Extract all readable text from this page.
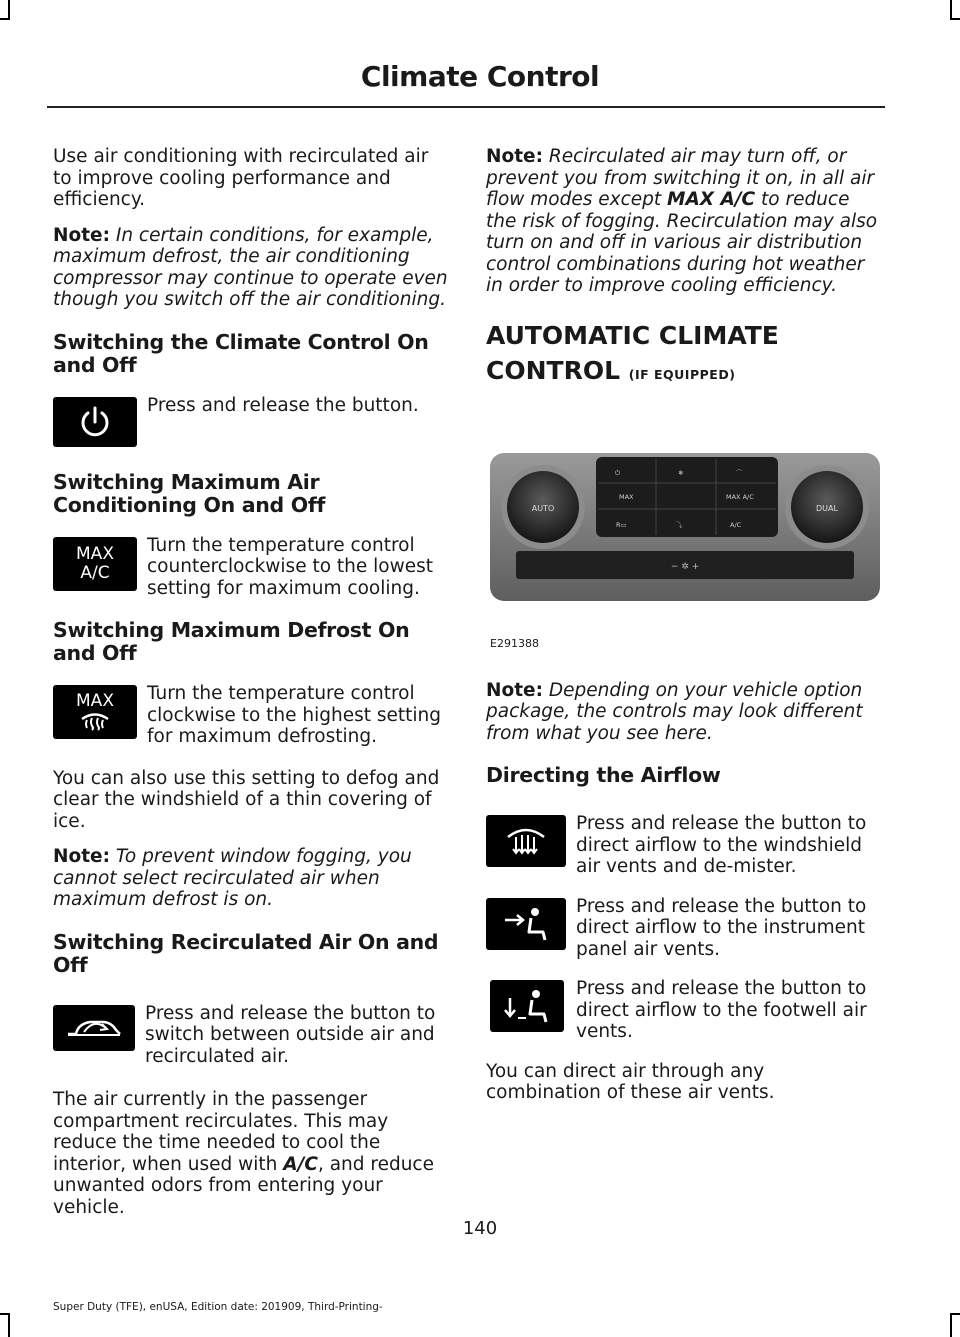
Climate Control

Use air conditioning with recirculated air to improve cooling performance and efficiency.

Note: In certain conditions, for example, maximum defrost, the air conditioning compressor may continue to operate even though you switch off the air conditioning.

Switching the Climate Control On and Off
Press and release the button.
Switching Maximum Air Conditioning On and Off
MAX
A/C
Turn the temperature control counterclockwise to the lowest setting for maximum cooling.
Switching Maximum Defrost On and Off
MAX Turn the temperature control clockwise to the highest setting for maximum defrosting.

You can also use this setting to defog and clear the windshield of a thin covering of ice.

Note: To prevent window fogging, you cannot select recirculated air when maximum defrost is on.

Switching Recirculated Air On and Off
Press and release the button to switch between outside air and recirculated air.

The air currently in the passenger compartment recirculates. This may reduce the time needed to cool the interior, when used with A/C, and reduce unwanted odors from entering your vehicle.

Note: Recirculated air may turn off, or prevent you from switching it on, in all air flow modes except MAX A/C to reduce the risk of fogging. Recirculation may also turn on and off in various air distribution control combinations during hot weather in order to improve cooling efficiency.

AUTOMATIC CLIMATE
CONTROL (IF EQUIPPED)
⏻	❄	⌒
MAX	MAX A/C
A/C
R▭	⤵
AUTO	DUAL
− ✲ +
E291388

Note: Depending on your vehicle option package, the controls may look different from what you see here.

Directing the Airflow
Press and release the button to direct airflow to the windshield air vents and de-mister.
Press and release the button to direct airflow to the instrument panel air vents.
Press and release the button to direct airflow to the footwell air vents.

You can direct air through any combination of these air vents.

140
Super Duty (TFE), enUSA, Edition date: 201909, Third-Printing-
